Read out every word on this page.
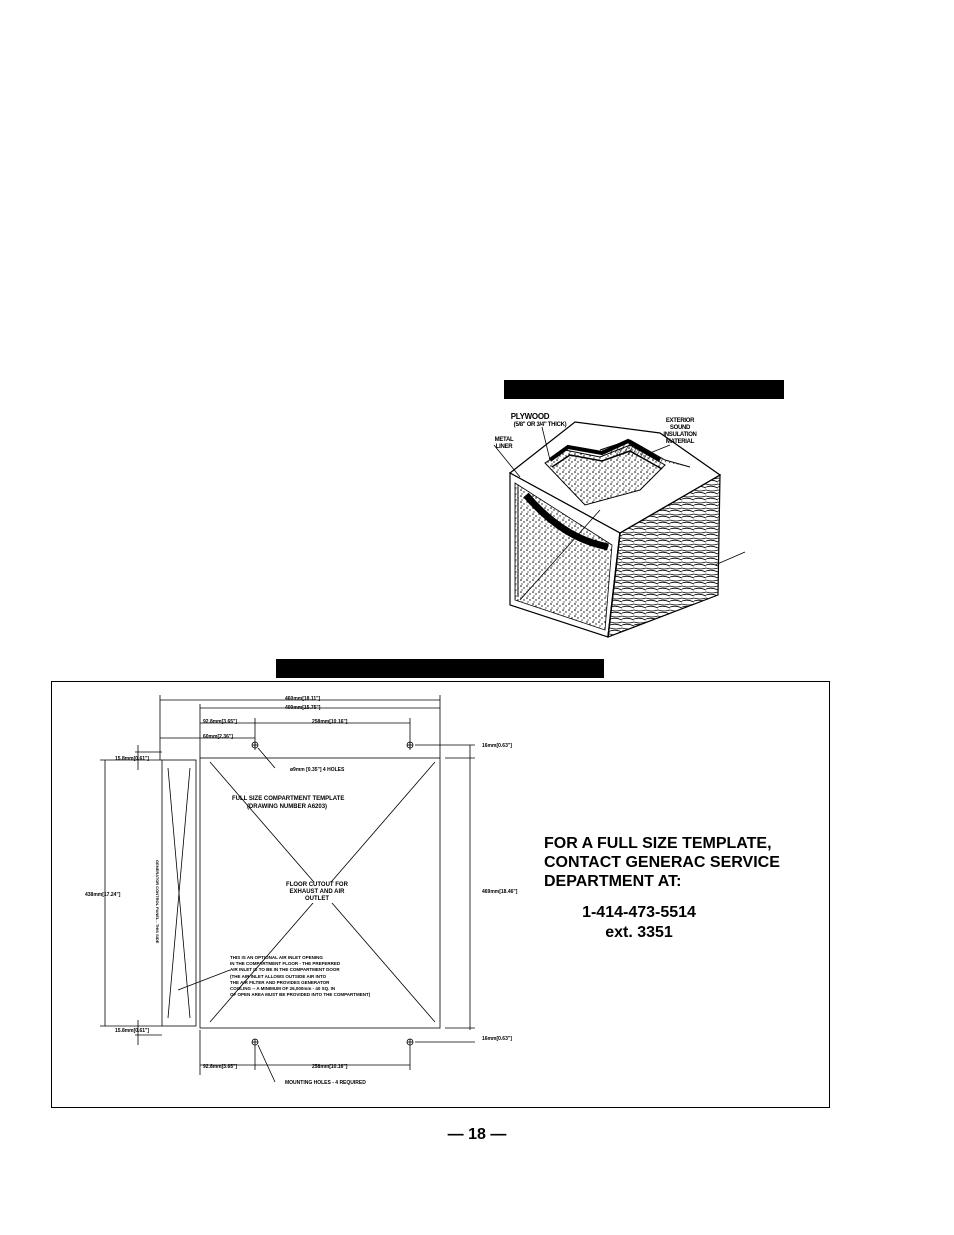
PLYWOOD
(5/8" OR 3/4" THICK)
METAL
LINER
EXTERIOR
SOUND
INSULATION
MATERIAL
460mm[18.11"]
400mm[15.75"]
92.8mm[3.65"]	258mm[10.16"]
60mm[2.36"]
16mm[0.63"]
15.8mm[0.61"]
ø9mm [0.35"] 4 HOLES
FULL SIZE COMPARTMENT TEMPLATE
(DRAWING NUMBER A6203)
GENERATOR CONTROL PANEL - THIS SIDE
438mm[17.24"]	469mm[18.46"]
FLOOR CUTOUT FOR
EXHAUST AND AIR
OUTLET
THIS IS AN OPTIONAL AIR INLET OPENING
IN THE COMPARTMENT FLOOR - THE PREFERRED
AIR INLET IS TO BE IN THE COMPARTMENT DOOR
(THE AIR INLET ALLOWS OUTSIDE AIR INTO
THE AIR FILTER AND PROVIDES GENERATOR
COOLING -- A MINIMUM OF 26,000mm - 40 SQ. IN
OF OPEN AREA MUST BE PROVIDED INTO THE COMPARTMENT)
15.8mm[0.61"]
16mm[0.63"]
92.8mm[3.65"]	258mm[10.16"]
MOUNTING HOLES - 4 REQUIRED
FOR A FULL SIZE TEMPLATE,
CONTACT GENERAC SERVICE
DEPARTMENT AT:
1-414-473-5514
ext. 3351
— 18 —
